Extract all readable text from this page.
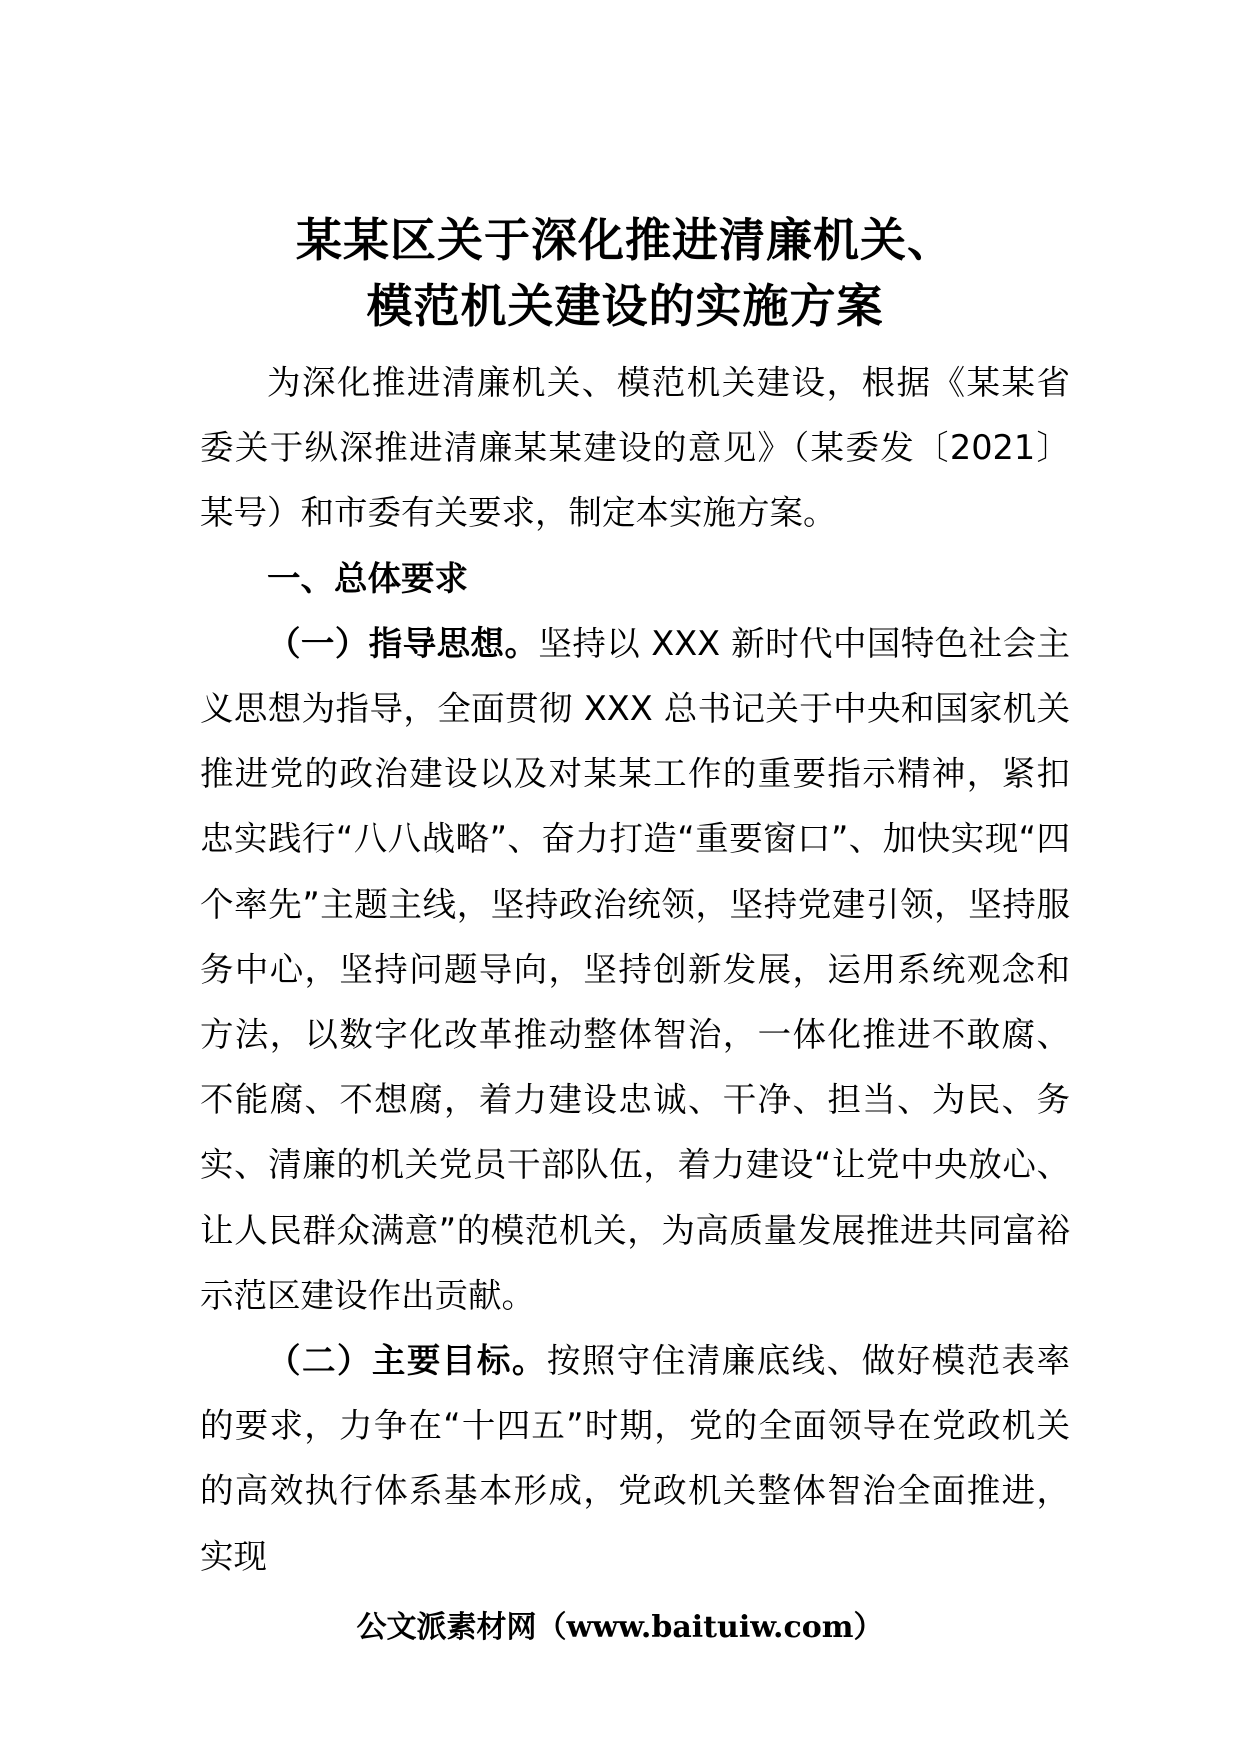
某某区关于深化推进清廉机关、
模范机关建设的实施方案

为深化推进清廉机关、模范机关建设，根据《某某省委关于纵深推进清廉某某建设的意见》（某委发〔2021〕某号）和市委有关要求，制定本实施方案。

一、总体要求

（一）指导思想。坚持以 XXX 新时代中国特色社会主义思想为指导，全面贯彻 XXX 总书记关于中央和国家机关推进党的政治建设以及对某某工作的重要指示精神，紧扣忠实践行“八八战略”、奋力打造“重要窗口”、加快实现“四个率先”主题主线，坚持政治统领，坚持党建引领，坚持服务中心，坚持问题导向，坚持创新发展，运用系统观念和方法，以数字化改革推动整体智治，一体化推进不敢腐、不能腐、不想腐，着力建设忠诚、干净、担当、为民、务实、清廉的机关党员干部队伍，着力建设“让党中央放心、让人民群众满意”的模范机关，为高质量发展推进共同富裕示范区建设作出贡献。

（二）主要目标。按照守住清廉底线、做好模范表率的要求，力争在“十四五”时期，党的全面领导在党政机关的高效执行体系基本形成，党政机关整体智治全面推进，实现

公文派素材网（www.baituiw.com）
